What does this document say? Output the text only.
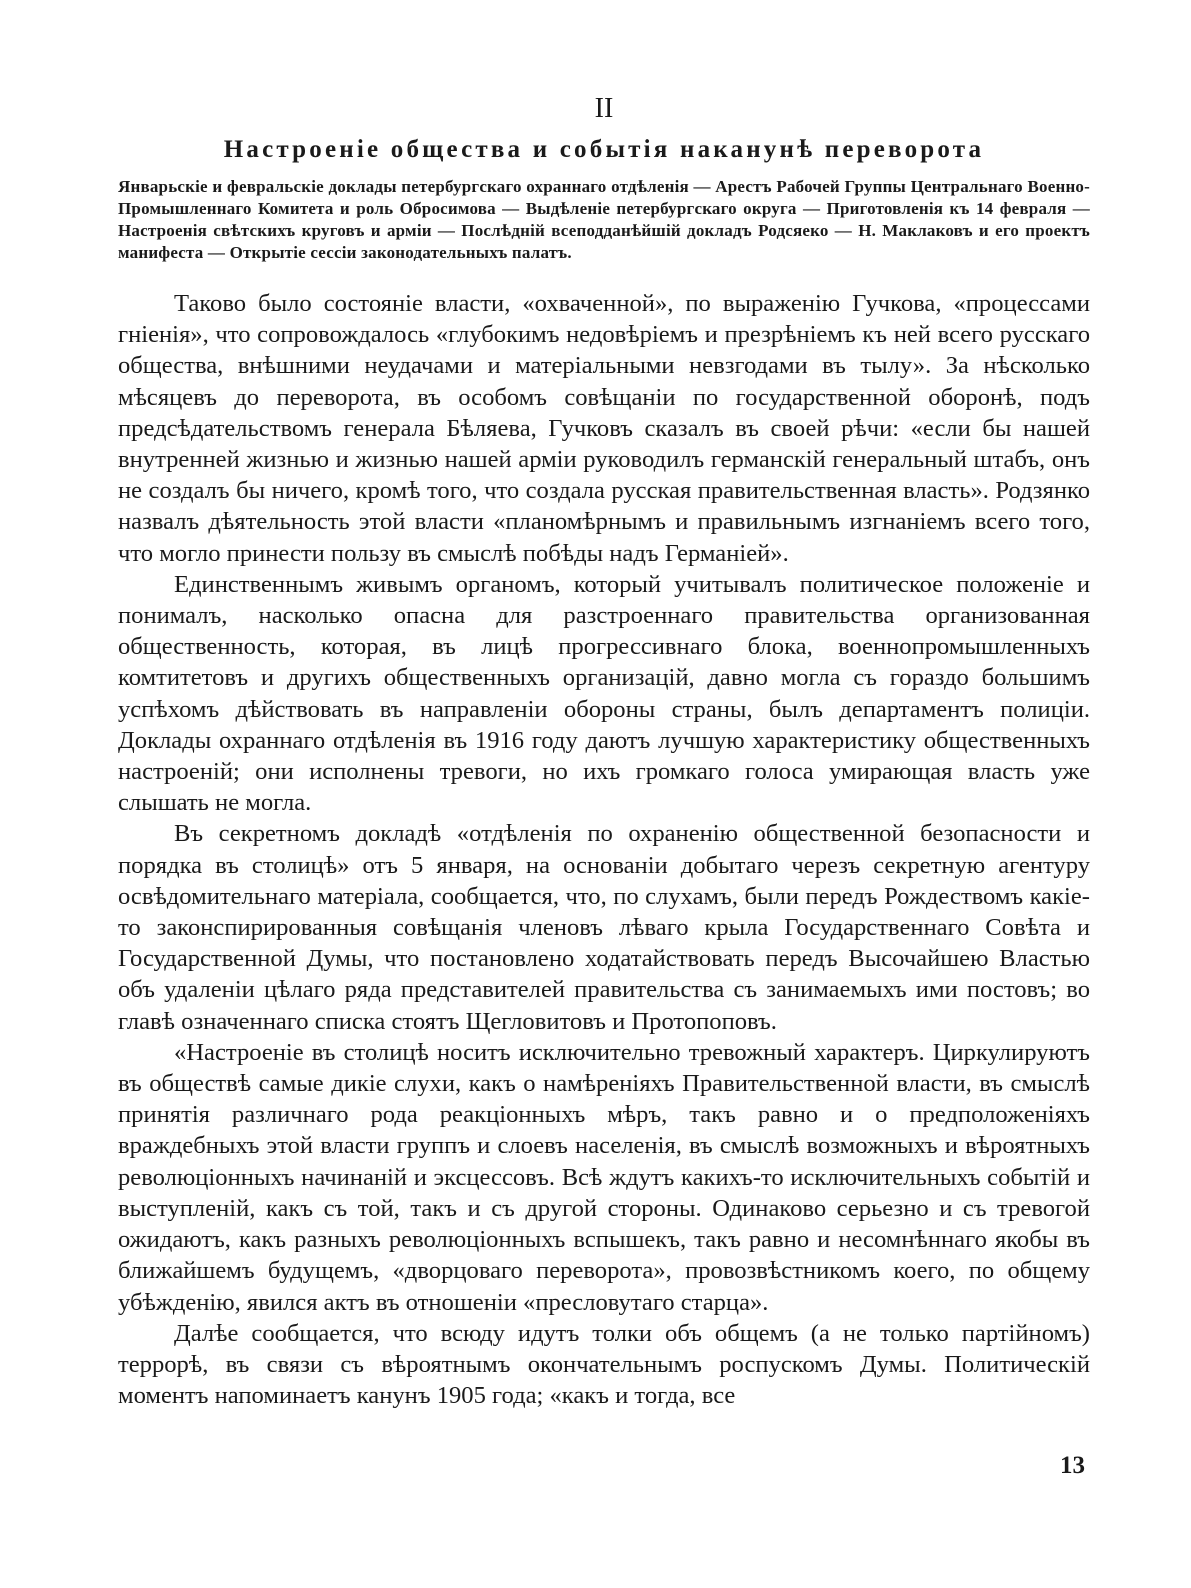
II
Настроеніе общества и событія наканунѣ переворота
Январьскіе и февральскіе доклады петербургскаго охраннаго отдѣленія — Арестъ Рабочей Группы Центральнаго Военно-Промышленнаго Комитета и роль Обросимова — Выдѣленіе петербургскаго округа — Приготовленія къ 14 февраля — Настроенія свѣтскихъ круговъ и арміи — Послѣдній всеподданѣйшій докладъ Родсяеко — Н. Маклаковъ и его проектъ манифеста — Открытіе сессіи законодательныхъ палатъ.

Таково было состояніе власти, «охваченной», по выраженію Гучкова, «процессами гніенія», что сопровождалось «глубокимъ недовѣріемъ и презрѣніемъ къ ней всего русскаго общества, внѣшними неудачами и матеріальными невзгодами въ тылу». За нѣсколько мѣсяцевъ до переворота, въ особомъ совѣщаніи по государственной оборонѣ, подъ предсѣдательствомъ генерала Бѣляева, Гучковъ сказалъ въ своей рѣчи: «если бы нашей внутренней жизнью и жизнью нашей арміи руководилъ германскій генеральный штабъ, онъ не создалъ бы ничего, кромѣ того, что создала русская правительственная власть». Родзянко назвалъ дѣятельность этой власти «планомѣрнымъ и правильнымъ изгнаніемъ всего того, что могло принести пользу въ смыслѣ побѣды надъ Германіей».

Единственнымъ живымъ органомъ, который учитывалъ политическое положеніе и понималъ, насколько опасна для разстроеннаго правительства организованная общественность, которая, въ лицѣ прогрессивнаго блока, военнопромышленныхъ комтитетовъ и другихъ общественныхъ организацій, давно могла съ гораздо большимъ успѣхомъ дѣйствовать въ направленіи обороны страны, былъ департаментъ полиціи. Доклады охраннаго отдѣленія въ 1916 году даютъ лучшую характеристику общественныхъ настроеній; они исполнены тревоги, но ихъ громкаго голоса умирающая власть уже слышать не могла.

Въ секретномъ докладѣ «отдѣленія по охраненію общественной безопасности и порядка въ столицѣ» отъ 5 января, на основаніи добытаго черезъ секретную агентуру освѣдомительнаго матеріала, сообщается, что, по слухамъ, были передъ Рождествомъ какіе-то законспирированныя совѣщанія членовъ лѣваго крыла Государственнаго Совѣта и Государственной Думы, что постановлено ходатайствовать передъ Высочайшею Властью объ удаленіи цѣлаго ряда представителей правительства съ занимаемыхъ ими постовъ; во главѣ означеннаго списка стоятъ Щегловитовъ и Протопоповъ.

«Настроеніе въ столицѣ носитъ исключительно тревожный характеръ. Циркулируютъ въ обществѣ самые дикіе слухи, какъ о намѣреніяхъ Правительственной власти, въ смыслѣ принятія различнаго рода реакціонныхъ мѣръ, такъ равно и о предположеніяхъ враждебныхъ этой власти группъ и слоевъ населенія, въ смыслѣ возможныхъ и вѣроятныхъ революціонныхъ начинаній и эксцессовъ. Всѣ ждутъ какихъ-то исключительныхъ событій и выступленій, какъ съ той, такъ и съ другой стороны. Одинаково серьезно и съ тревогой ожидаютъ, какъ разныхъ революціонныхъ вспышекъ, такъ равно и несомнѣннаго якобы въ ближайшемъ будущемъ, «дворцоваго переворота», провозвѣстникомъ коего, по общему убѣжденію, явился актъ въ отношеніи «пресловутаго старца».

Далѣе сообщается, что всюду идутъ толки объ общемъ (а не только партійномъ) террорѣ, въ связи съ вѣроятнымъ окончательнымъ роспускомъ Думы. Политическій моментъ напоминаетъ канунъ 1905 года; «какъ и тогда, все

13
